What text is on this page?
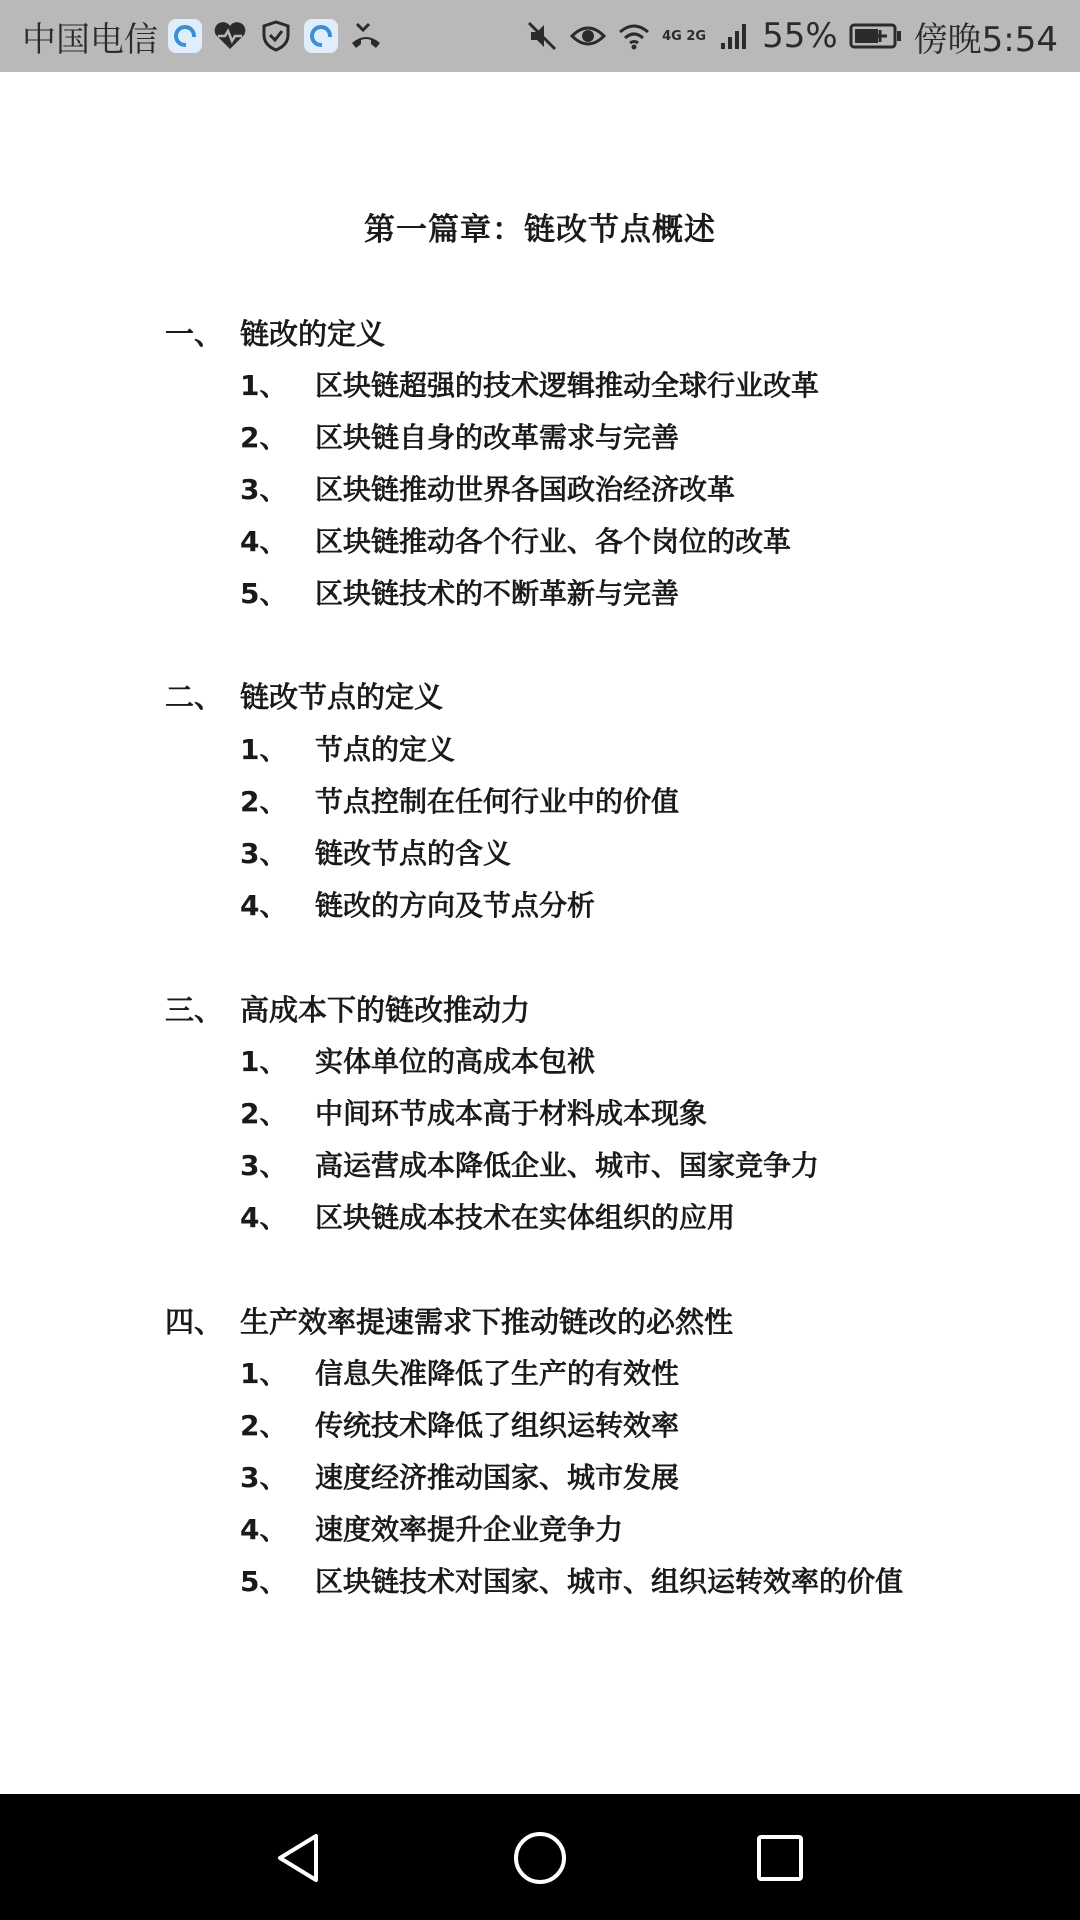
中国电信	4G 2G 55% 傍晚5:54
第一篇章：链改节点概述
一、 链改的定义
1、 区块链超强的技术逻辑推动全球行业改革
2、 区块链自身的改革需求与完善
3、 区块链推动世界各国政治经济改革
4、 区块链推动各个行业、各个岗位的改革
5、 区块链技术的不断革新与完善
二、 链改节点的定义
1、 节点的定义
2、 节点控制在任何行业中的价值
3、 链改节点的含义
4、 链改的方向及节点分析
三、 高成本下的链改推动力
1、 实体单位的高成本包袱
2、 中间环节成本高于材料成本现象
3、 高运营成本降低企业、城市、国家竞争力
4、 区块链成本技术在实体组织的应用
四、 生产效率提速需求下推动链改的必然性
1、 信息失准降低了生产的有效性
2、 传统技术降低了组织运转效率
3、 速度经济推动国家、城市发展
4、 速度效率提升企业竞争力
5、 区块链技术对国家、城市、组织运转效率的价值
